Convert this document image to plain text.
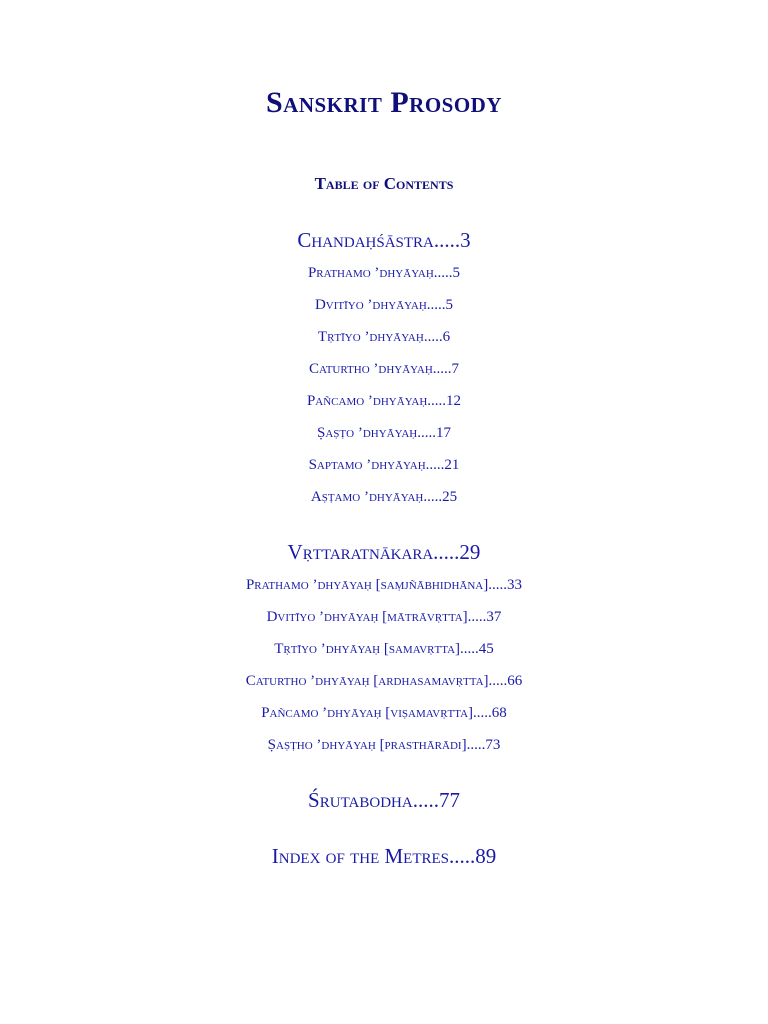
Sanskrit Prosody
Table of Contents
Chandaḥśāstra.....3
Prathamo ’dhyāyaḥ.....5
Dvitīyo ’dhyāyaḥ.....5
Tṛtīyo ’dhyāyaḥ.....6
Caturtho ’dhyāyaḥ.....7
Pañcamo ’dhyāyaḥ.....12
Ṣaṣṭo ’dhyāyaḥ.....17
Saptamo ’dhyāyaḥ.....21
Aṣṭamo ’dhyāyaḥ.....25
Vṛttaratnākara.....29
Prathamo ’dhyāyaḥ [saṃjñābhidhāna].....33
Dvitīyo ’dhyāyaḥ [mātrāvṛtta].....37
Tṛtīyo ’dhyāyaḥ [samavṛtta].....45
Caturtho ’dhyāyaḥ [ardhasamavṛtta].....66
Pañcamo ’dhyāyaḥ [viṣamavṛtta].....68
Ṣaṣṭho ’dhyāyaḥ [prasthārādi].....73
Śrutabodha.....77
Index of the Metres.....89
